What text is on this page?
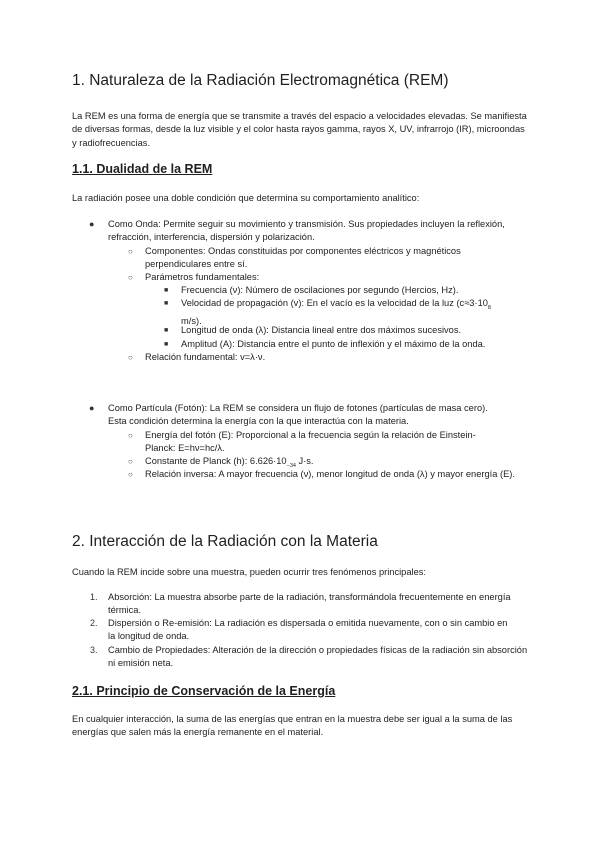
1. Naturaleza de la Radiación Electromagnética (REM)

La REM es una forma de energía que se transmite a través del espacio a velocidades elevadas. Se manifiesta de diversas formas, desde la luz visible y el color hasta rayos gamma, rayos X, UV, infrarrojo (IR), microondas y radiofrecuencias.

1.1. Dualidad de la REM

La radiación posee una doble condición que determina su comportamiento analítico:

● Como Onda: Permite seguir su movimiento y transmisión. Sus propiedades incluyen la reflexión, refracción, interferencia, dispersión y polarización.

○ Componentes: Ondas constituidas por componentes eléctricos y magnéticos perpendiculares entre sí.

○ Parámetros fundamentales:

■ Frecuencia (ν): Número de oscilaciones por segundo (Hercios, Hz).

■ Velocidad de propagación (v): En el vacío es la velocidad de la luz ($c\approx 3\cdot 10_8$ m/s).

■ Longitud de onda (λ): Distancia lineal entre dos máximos sucesivos.

■ Amplitud (A): Distancia entre el punto de inflexión y el máximo de la onda.

○ Relación fundamental: v=λ·ν.

● Como Partícula (Fotón): La REM se considera un flujo de fotones (partículas de masa cero). Esta condición determina la energía con la que interactúa con la materia.

○ Energía del fotón (E): Proporcional a la frecuencia según la relación de Einstein-Planck: E=hν=hc/λ.

○ Constante de Planck (h): $6.626\cdot 10_{-34}$ J·s.

○ Relación inversa: A mayor frecuencia (ν), menor longitud de onda (λ) y mayor energía (E).

2. Interacción de la Radiación con la Materia

Cuando la REM incide sobre una muestra, pueden ocurrir tres fenómenos principales:

1. Absorción: La muestra absorbe parte de la radiación, transformándola frecuentemente en energía térmica.

2. Dispersión o Re-emisión: La radiación es dispersada o emitida nuevamente, con o sin cambio en la longitud de onda.

3. Cambio de Propiedades: Alteración de la dirección o propiedades físicas de la radiación sin absorción ni emisión neta.

2.1. Principio de Conservación de la Energía

En cualquier interacción, la suma de las energías que entran en la muestra debe ser igual a la suma de las energías que salen más la energía remanente en el material.
